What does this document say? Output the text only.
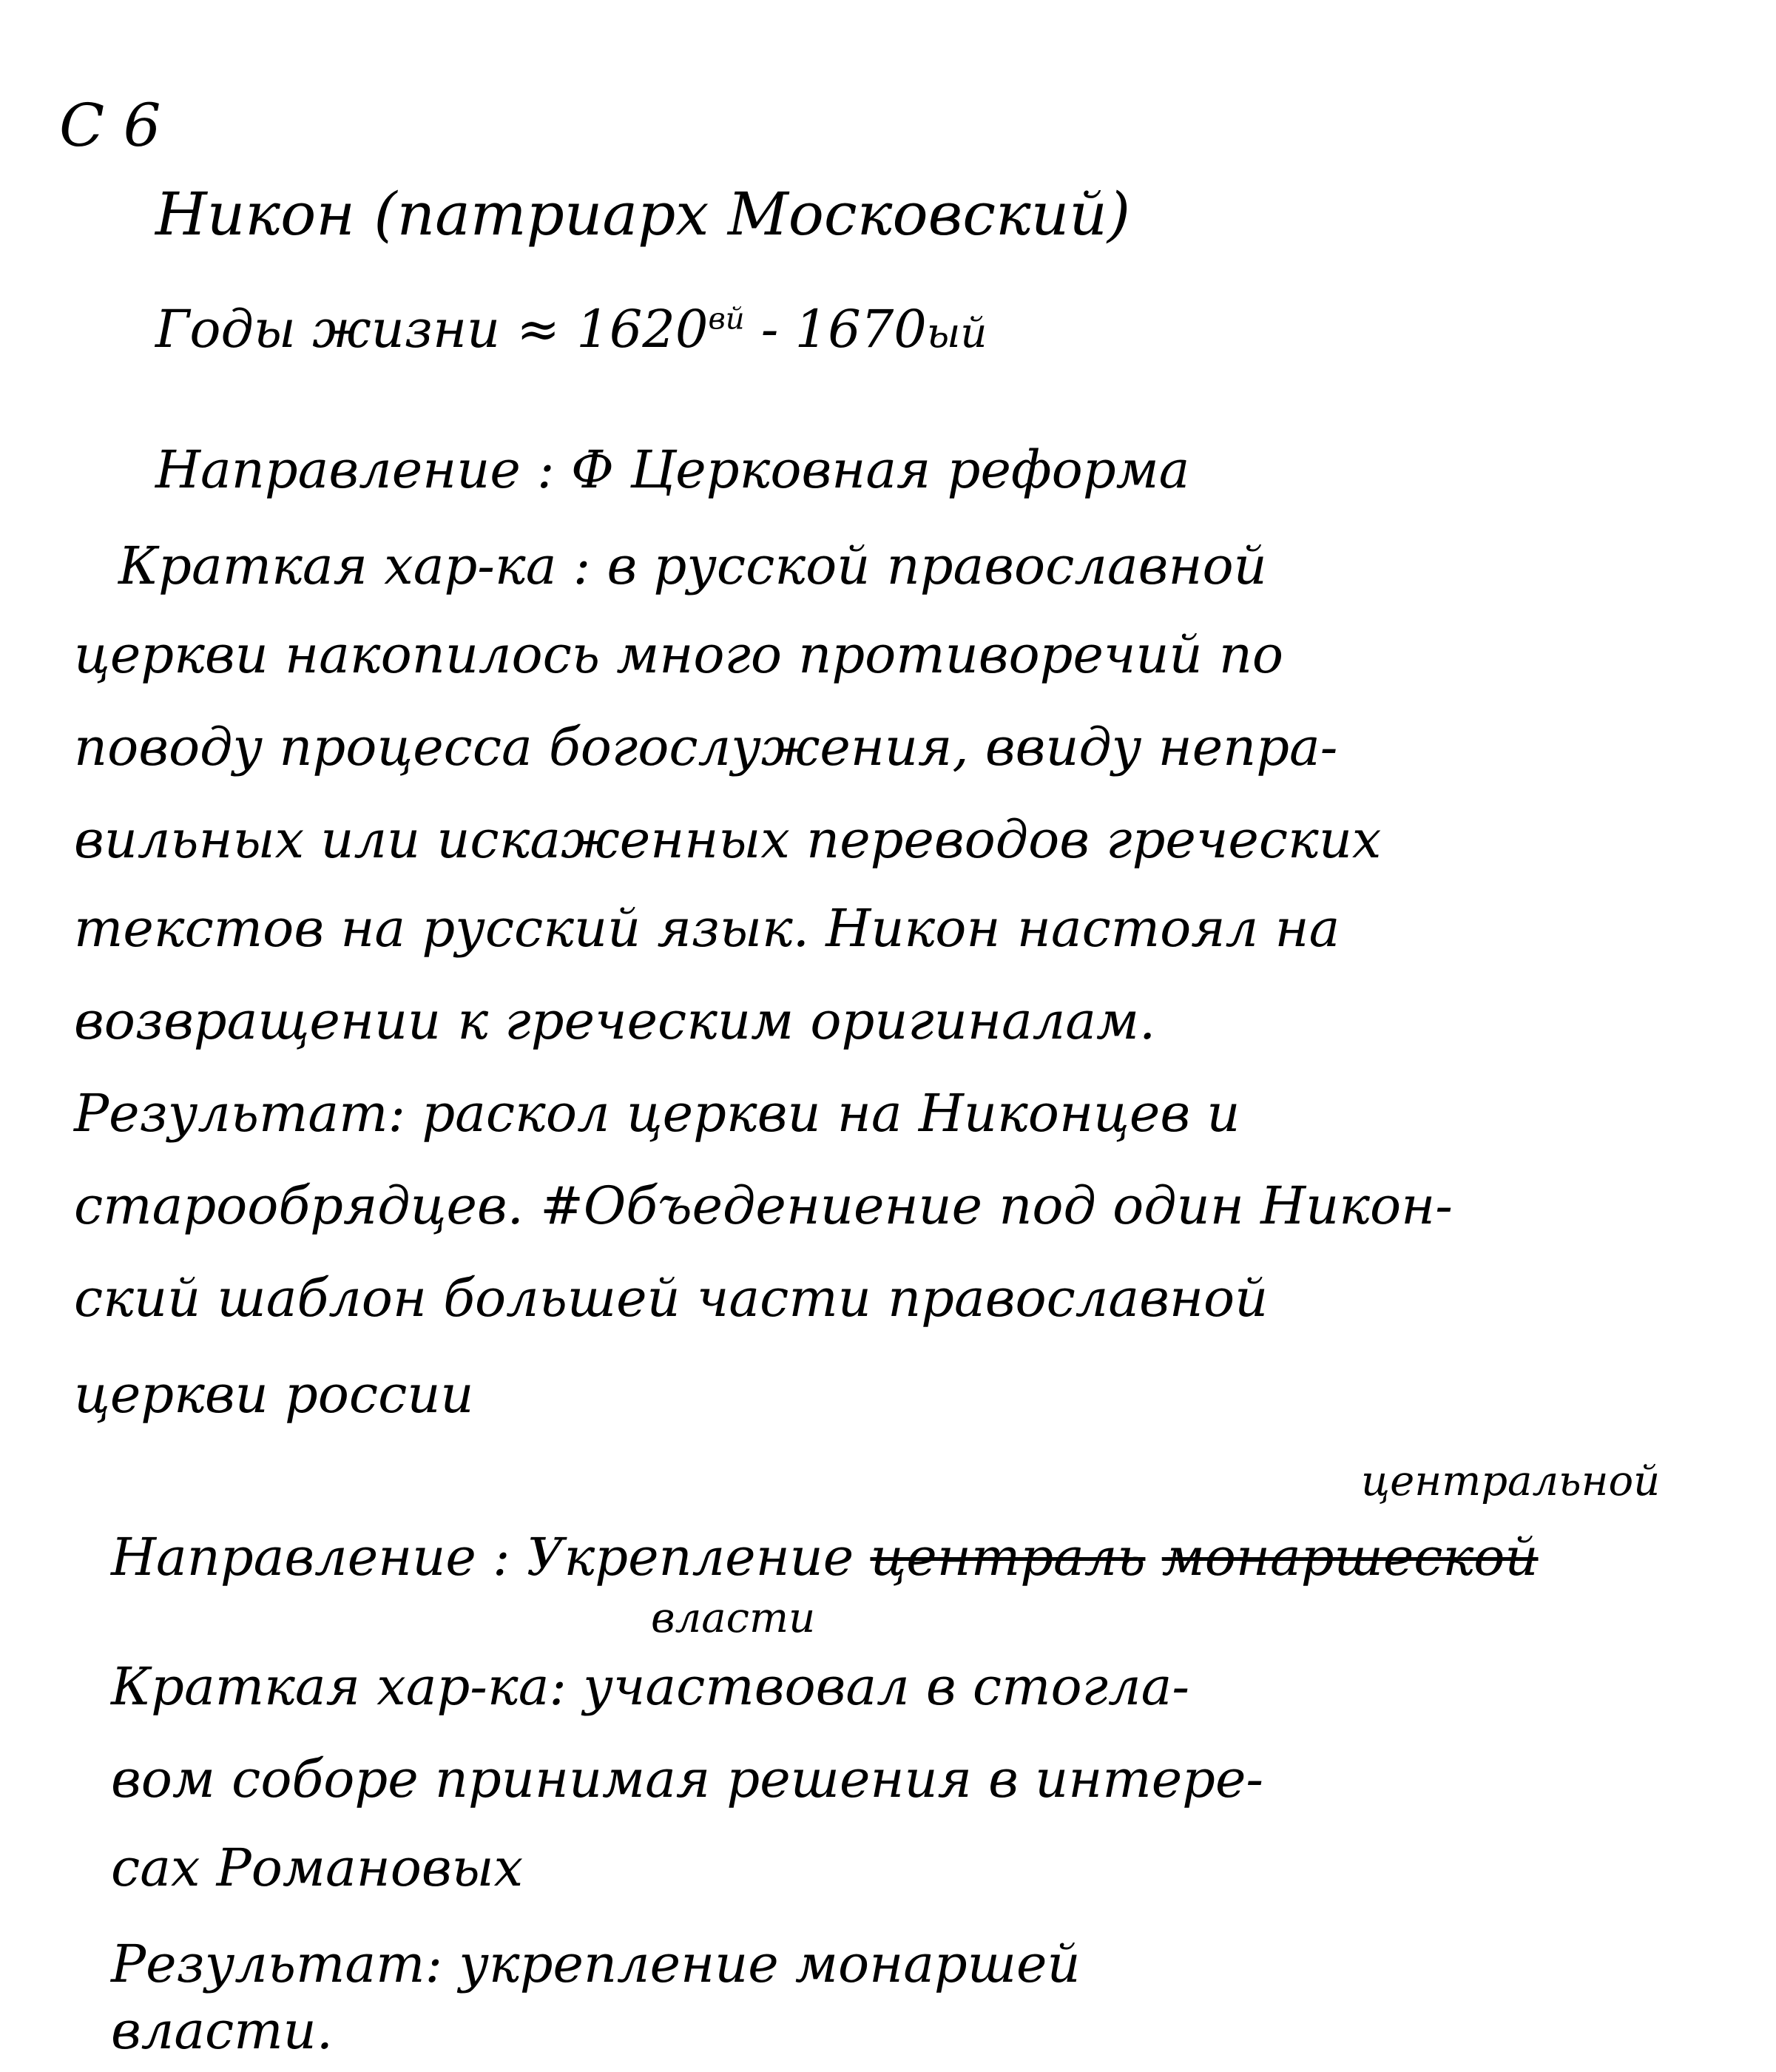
С 6
Никон (патриарх Московский)
Годы жизни ≈ $1620^{вй} - 1670ый$
Направление : Ф Церковная реформа
Краткая хар-ка : в русской православной
церкви накопилось много противоречий по
поводу процесса богослужения, ввиду непра-
вильных или искаженных переводов греческих
текстов на русский язык. Никон настоял на
возвращении к греческим оригиналам.
Результат: раскол церкви на Никонцев и
старообрядцев. #Объедениение под один Никон-
ский шаблон большей части православной
церкви россии
центральной
Направление : Укрепление централь монаршеской
власти
Краткая хар-ка: участвовал в стогла-
вом соборе принимая решения в интере-
сах Романовых
Результат: укрепление монаршей
власти.
